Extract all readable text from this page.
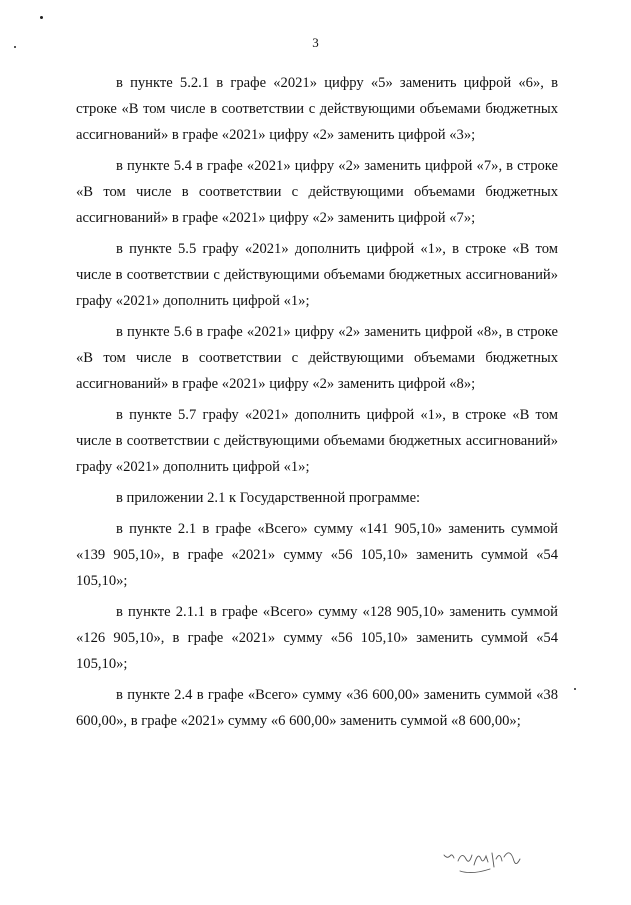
3

в пункте 5.2.1 в графе «2021» цифру «5» заменить цифрой «6», в строке «В том числе в соответствии с действующими объемами бюджетных ассигнований» в графе «2021» цифру «2» заменить цифрой «3»;

в пункте 5.4 в графе «2021» цифру «2» заменить цифрой «7», в строке «В том числе в соответствии с действующими объемами бюджетных ассигнований» в графе «2021» цифру «2» заменить цифрой «7»;

в пункте 5.5 графу «2021» дополнить цифрой «1», в строке «В том числе в соответствии с действующими объемами бюджетных ассигнований» графу «2021» дополнить цифрой «1»;

в пункте 5.6 в графе «2021» цифру «2» заменить цифрой «8», в строке «В том числе в соответствии с действующими объемами бюджетных ассигнований» в графе «2021» цифру «2» заменить цифрой «8»;

в пункте 5.7 графу «2021» дополнить цифрой «1», в строке «В том числе в соответствии с действующими объемами бюджетных ассигнований» графу «2021» дополнить цифрой «1»;

в приложении 2.1 к Государственной программе:

в пункте 2.1 в графе «Всего» сумму «141 905,10» заменить суммой «139 905,10», в графе «2021» сумму «56 105,10» заменить суммой «54 105,10»;

в пункте 2.1.1 в графе «Всего» сумму «128 905,10» заменить суммой «126 905,10», в графе «2021» сумму «56 105,10» заменить суммой «54 105,10»;

в пункте 2.4 в графе «Всего» сумму «36 600,00» заменить суммой «38 600,00», в графе «2021» сумму «6 600,00» заменить суммой «8 600,00»;
